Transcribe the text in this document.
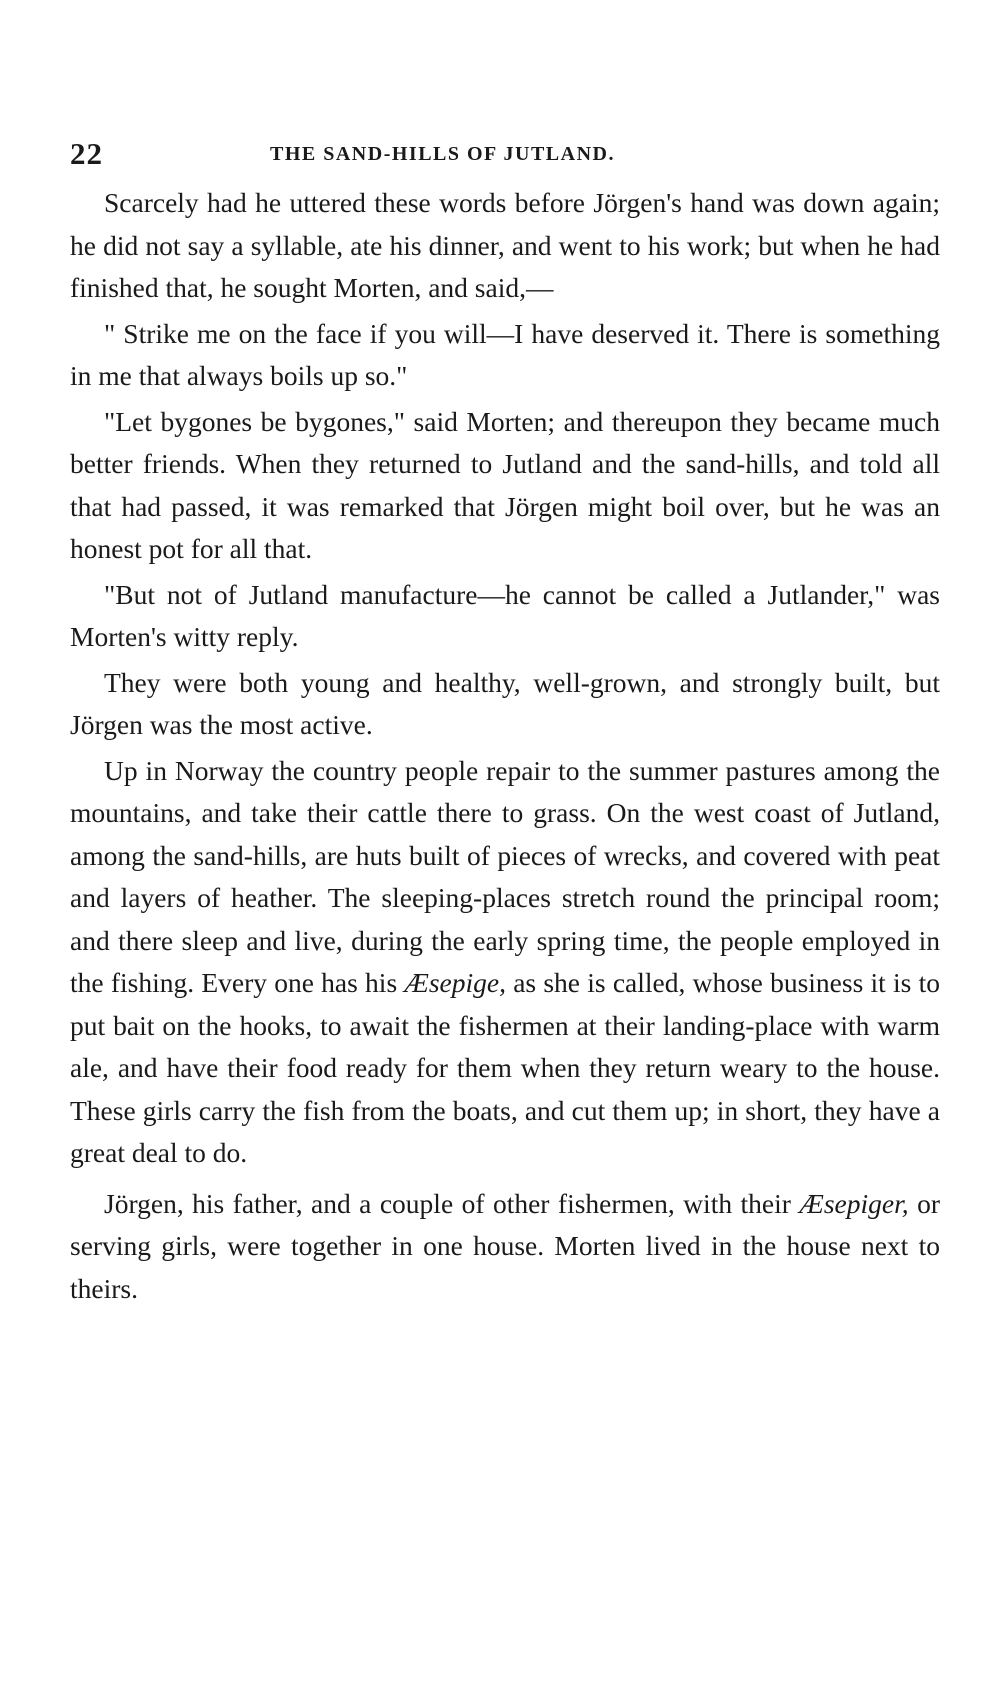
22	THE SAND-HILLS OF JUTLAND.

Scarcely had he uttered these words before Jörgen's hand was down again; he did not say a syllable, ate his dinner, and went to his work; but when he had finished that, he sought Morten, and said,—

" Strike me on the face if you will—I have deserved it. There is something in me that always boils up so."

"Let bygones be bygones," said Morten; and thereupon they became much better friends. When they returned to Jutland and the sand-hills, and told all that had passed, it was remarked that Jörgen might boil over, but he was an honest pot for all that.

"But not of Jutland manufacture—he cannot be called a Jutlander," was Morten's witty reply.

They were both young and healthy, well-grown, and strongly built, but Jörgen was the most active.

Up in Norway the country people repair to the summer pastures among the mountains, and take their cattle there to grass. On the west coast of Jutland, among the sand-hills, are huts built of pieces of wrecks, and covered with peat and layers of heather. The sleeping-places stretch round the principal room; and there sleep and live, during the early spring time, the people employed in the fishing. Every one has his Æsepige, as she is called, whose business it is to put bait on the hooks, to await the fishermen at their landing-place with warm ale, and have their food ready for them when they return weary to the house. These girls carry the fish from the boats, and cut them up; in short, they have a great deal to do.

Jörgen, his father, and a couple of other fishermen, with their Æsepiger, or serving girls, were together in one house. Morten lived in the house next to theirs.
